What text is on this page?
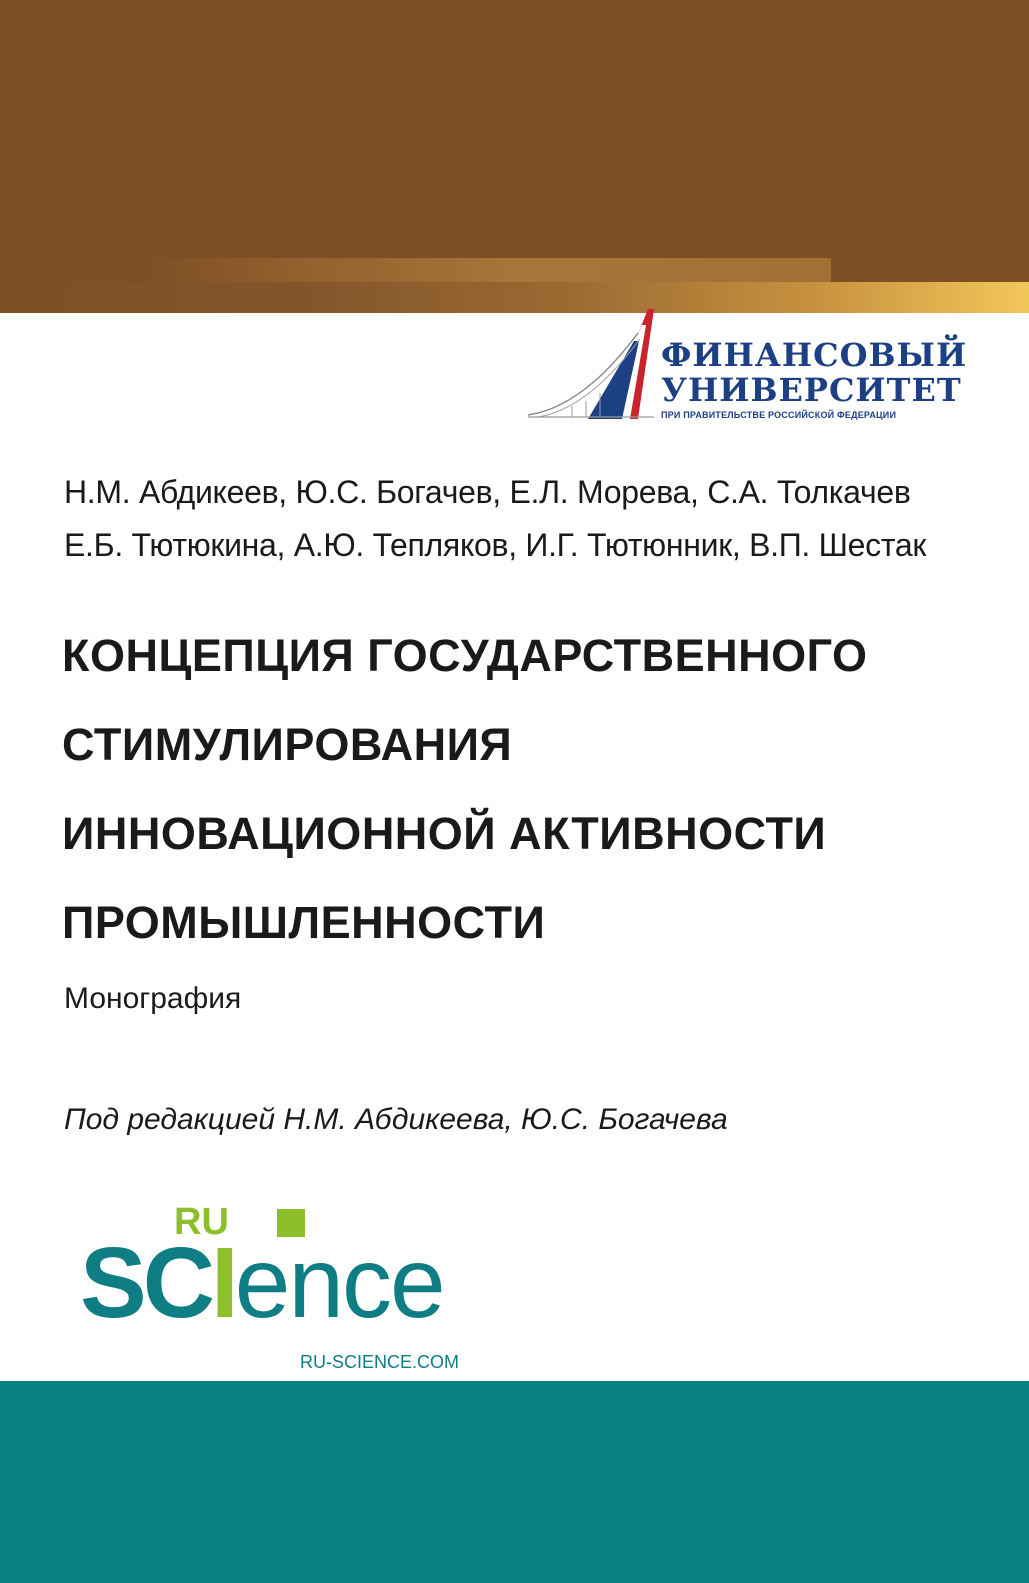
ФИНАНСОВЫЙ

УНИВЕРСИТЕТ

ПРИ ПРАВИТЕЛЬСТВЕ РОССИЙСКОЙ ФЕДЕРАЦИИ

Н.М. Абдикеев, Ю.С. Богачев, Е.Л. Морева, С.А. Толкачев

Е.Б. Тютюкина, А.Ю. Тепляков, И.Г. Тютюнник, В.П. Шестак

КОНЦЕПЦИЯ ГОСУДАРСТВЕННОГО

СТИМУЛИРОВАНИЯ

ИННОВАЦИОННОЙ АКТИВНОСТИ

ПРОМЫШЛЕННОСТИ

Монография

Под редакцией Н.М. Абдикеева, Ю.С. Богачева

RU
SCIence
RU-SCIENCE.COM
